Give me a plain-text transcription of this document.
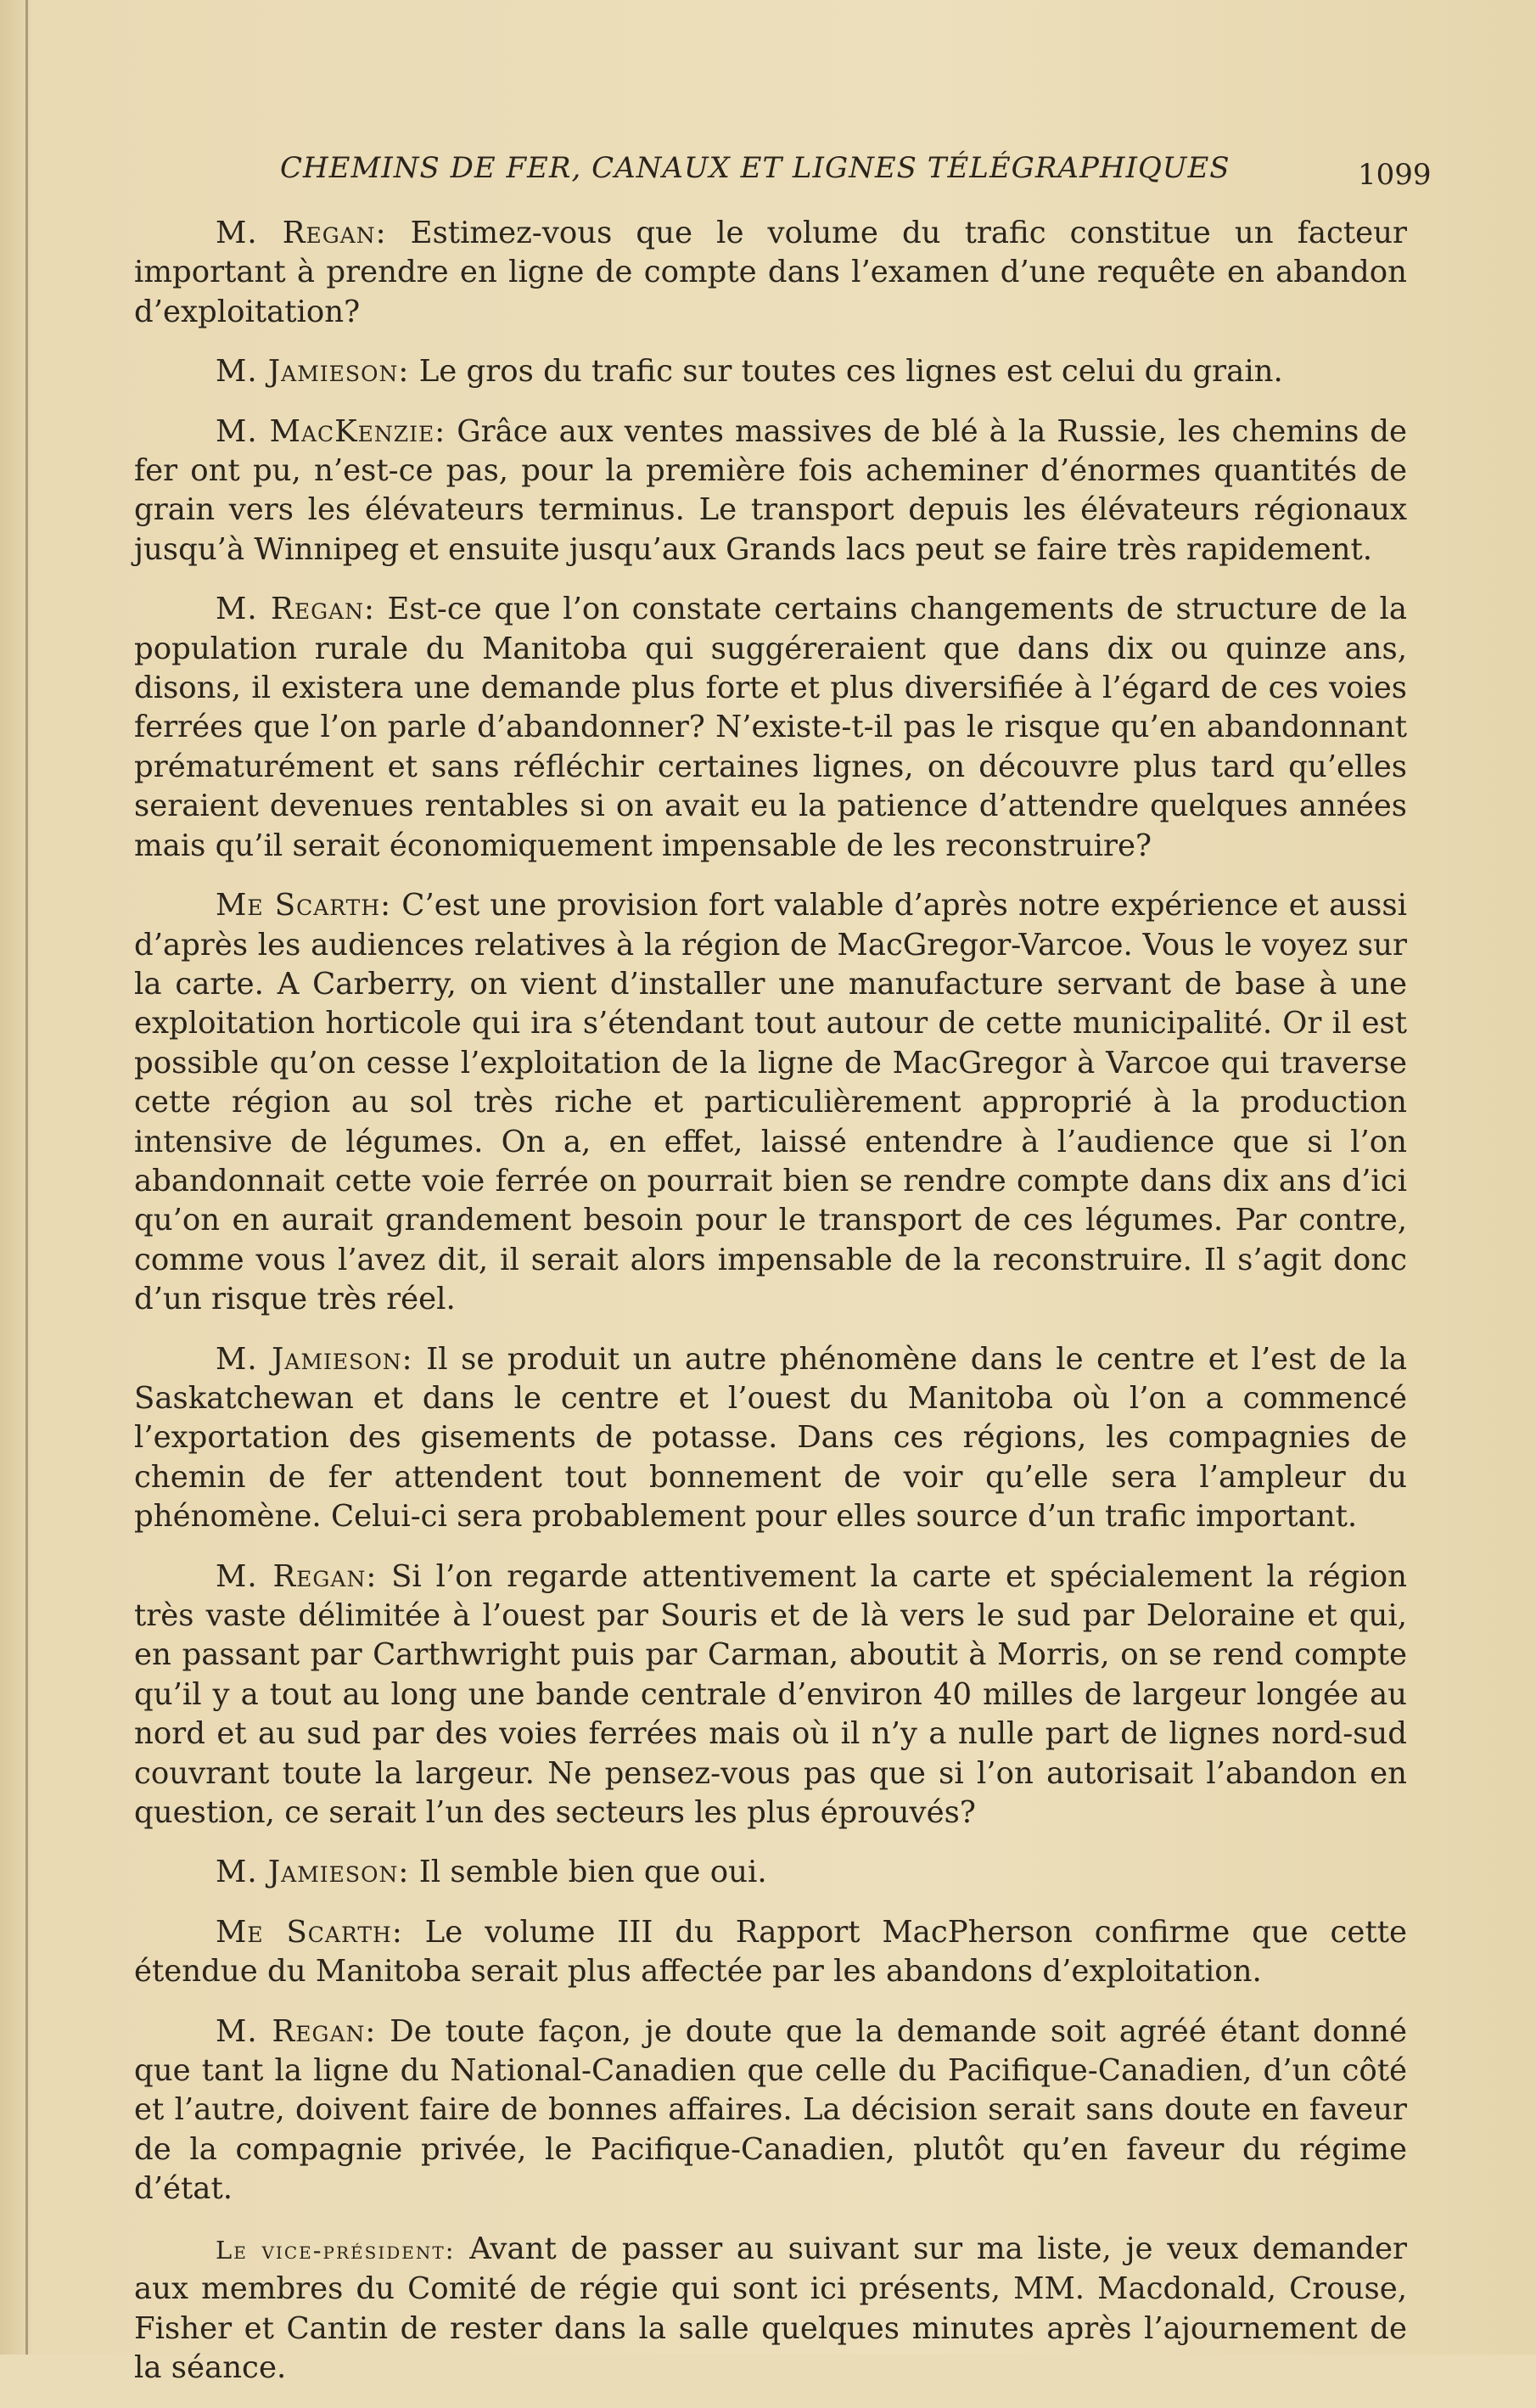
CHEMINS DE FER, CANAUX ET LIGNES TÉLÉGRAPHIQUES	1099

M. Regan: Estimez-vous que le volume du trafic constitue un facteur important à prendre en ligne de compte dans l’examen d’une requête en abandon d’exploitation?

M. Jamieson: Le gros du trafic sur toutes ces lignes est celui du grain.

M. MacKenzie: Grâce aux ventes massives de blé à la Russie, les chemins de fer ont pu, n’est-ce pas, pour la première fois acheminer d’énormes quantités de grain vers les élévateurs terminus. Le transport depuis les élévateurs régionaux jusqu’à Winnipeg et ensuite jusqu’aux Grands lacs peut se faire très rapidement.

M. Regan: Est-ce que l’on constate certains changements de structure de la population rurale du Manitoba qui suggéreraient que dans dix ou quinze ans, disons, il existera une demande plus forte et plus diversifiée à l’égard de ces voies ferrées que l’on parle d’abandonner? N’existe-t-il pas le risque qu’en abandonnant prématurément et sans réfléchir certaines lignes, on découvre plus tard qu’elles seraient devenues rentables si on avait eu la patience d’attendre quelques années mais qu’il serait économiquement impensable de les reconstruire?

Me Scarth: C’est une provision fort valable d’après notre expérience et aussi d’après les audiences relatives à la région de MacGregor-Varcoe. Vous le voyez sur la carte. A Carberry, on vient d’installer une manufacture servant de base à une exploitation horticole qui ira s’étendant tout autour de cette municipalité. Or il est possible qu’on cesse l’exploitation de la ligne de MacGregor à Varcoe qui traverse cette région au sol très riche et particulièrement approprié à la production intensive de légumes. On a, en effet, laissé entendre à l’audience que si l’on abandonnait cette voie ferrée on pourrait bien se rendre compte dans dix ans d’ici qu’on en aurait grandement besoin pour le transport de ces légumes. Par contre, comme vous l’avez dit, il serait alors impensable de la reconstruire. Il s’agit donc d’un risque très réel.

M. Jamieson: Il se produit un autre phénomène dans le centre et l’est de la Saskatchewan et dans le centre et l’ouest du Manitoba où l’on a commencé l’exportation des gisements de potasse. Dans ces régions, les compagnies de chemin de fer attendent tout bonnement de voir qu’elle sera l’ampleur du phénomène. Celui-ci sera probablement pour elles source d’un trafic important.

M. Regan: Si l’on regarde attentivement la carte et spécialement la région très vaste délimitée à l’ouest par Souris et de là vers le sud par Deloraine et qui, en passant par Carthwright puis par Carman, aboutit à Morris, on se rend compte qu’il y a tout au long une bande centrale d’environ 40 milles de largeur longée au nord et au sud par des voies ferrées mais où il n’y a nulle part de lignes nord-sud couvrant toute la largeur. Ne pensez-vous pas que si l’on autorisait l’abandon en question, ce serait l’un des secteurs les plus éprouvés?

M. Jamieson: Il semble bien que oui.

Me Scarth: Le volume III du Rapport MacPherson confirme que cette étendue du Manitoba serait plus affectée par les abandons d’exploitation.

M. Regan: De toute façon, je doute que la demande soit agréé étant donné que tant la ligne du National-Canadien que celle du Pacifique-Canadien, d’un côté et l’autre, doivent faire de bonnes affaires. La décision serait sans doute en faveur de la compagnie privée, le Pacifique-Canadien, plutôt qu’en faveur du régime d’état.

Le vice-président: Avant de passer au suivant sur ma liste, je veux demander aux membres du Comité de régie qui sont ici présents, MM. Macdonald, Crouse, Fisher et Cantin de rester dans la salle quelques minutes après l’ajournement de la séance.
